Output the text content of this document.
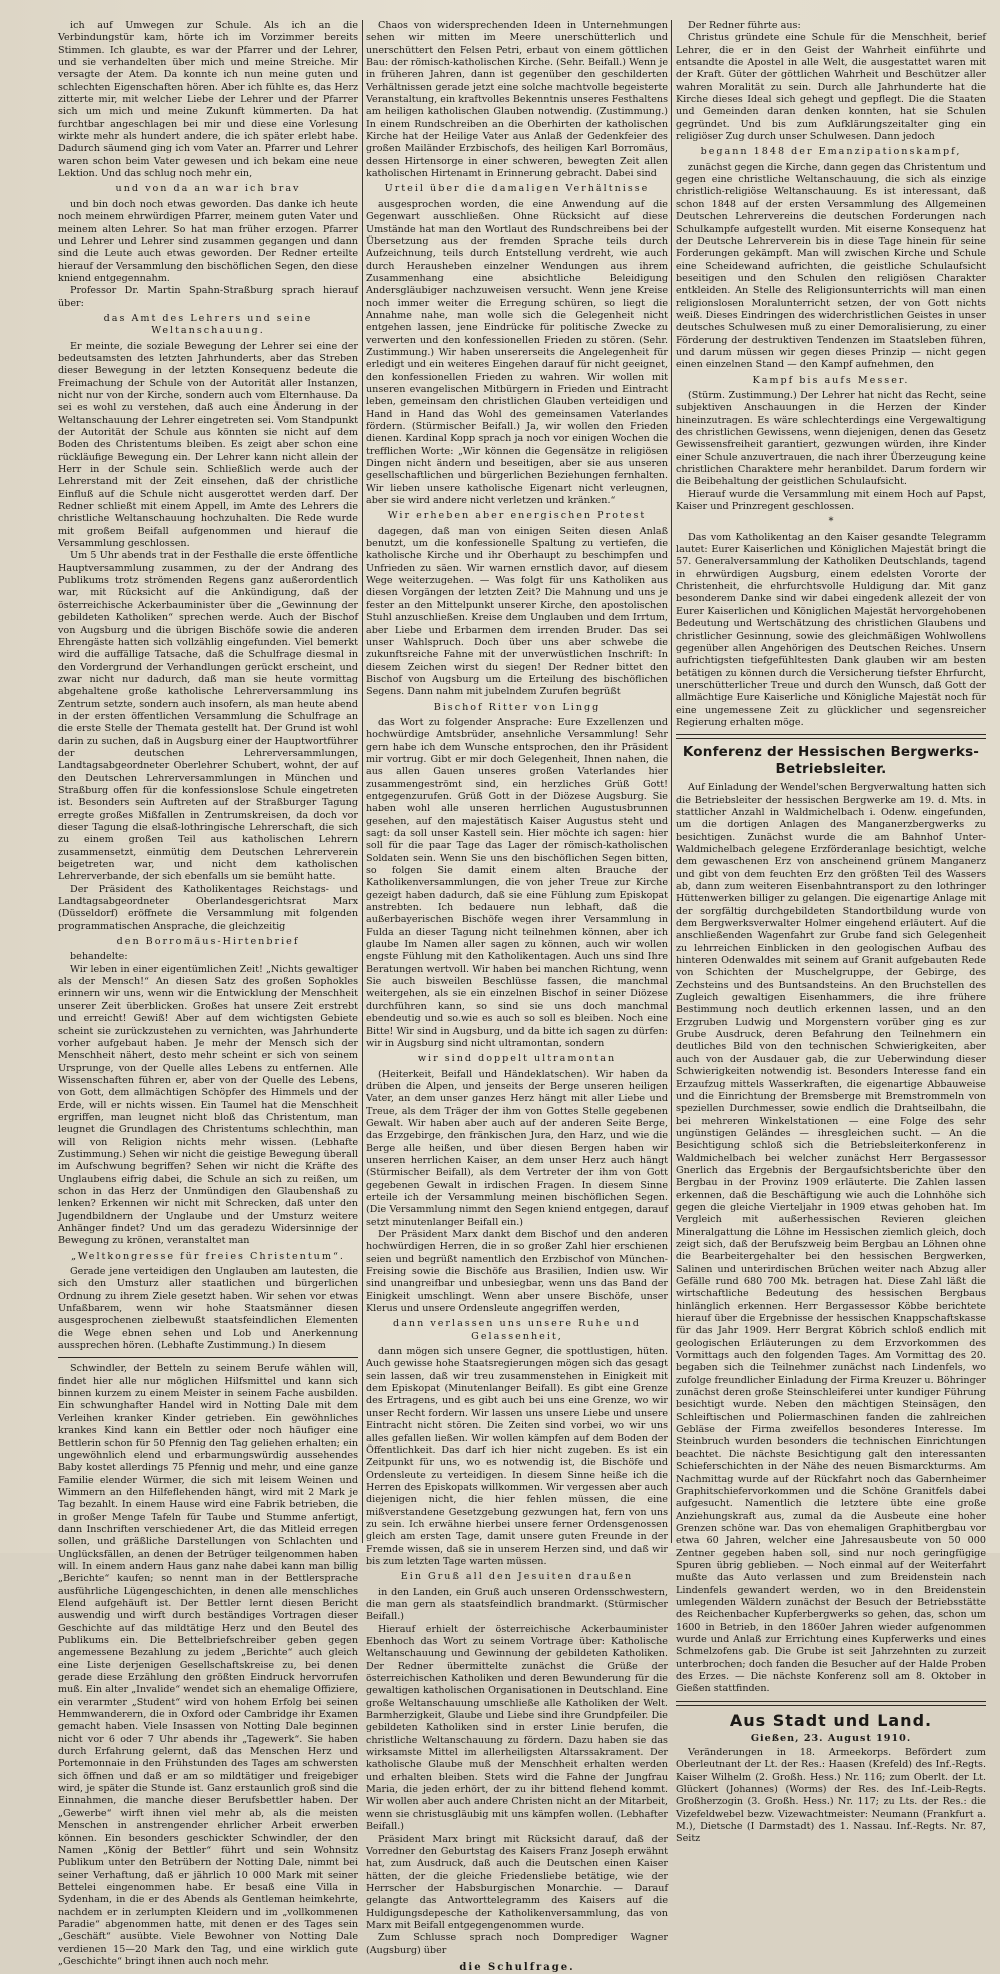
ich auf Umwegen zur Schule. Als ich an die Verbindungstür kam, hörte ich im Vorzimmer bereits Stimmen. Ich glaubte, es war der Pfarrer und der Lehrer, und sie verhandelten über mich und meine Streiche. Mir versagte der Atem. Da konnte ich nun meine guten und schlechten Eigenschaften hören. Aber ich fühlte es, das Herz zitterte mir, mit welcher Liebe der Lehrer und der Pfarrer sich um mich und meine Zukunft kümmerten. Da hat furchtbar angeschlagen bei mir und diese eine Vorlesung wirkte mehr als hundert andere, die ich später erlebt habe. Dadurch säumend ging ich vom Vater an. Pfarrer und Lehrer waren schon beim Vater gewesen und ich bekam eine neue Lektion. Und das schlug noch mehr ein,

und von da an war ich brav

und bin doch noch etwas geworden. Das danke ich heute noch meinem ehrwürdigen Pfarrer, meinem guten Vater und meinem alten Lehrer. So hat man früher erzogen. Pfarrer und Lehrer und Lehrer sind zusammen gegangen und dann sind die Leute auch etwas geworden. Der Redner erteilte hierauf der Versammlung den bischöflichen Segen, den diese kniend entgegennahm.

Professor Dr. Martin Spahn-Straßburg sprach hierauf über:

das Amt des Lehrers und seine Weltanschauung.

Er meinte, die soziale Bewegung der Lehrer sei eine der bedeutsamsten des letzten Jahrhunderts, aber das Streben dieser Bewegung in der letzten Konsequenz bedeute die Freimachung der Schule von der Autorität aller Instanzen, nicht nur von der Kirche, sondern auch vom Elternhause. Da sei es wohl zu verstehen, daß auch eine Änderung in der Weltanschauung der Lehrer eingetreten sei. Vom Standpunkt der Autorität der Schule aus könnten sie nicht auf dem Boden des Christentums bleiben. Es zeigt aber schon eine rückläufige Bewegung ein. Der Lehrer kann nicht allein der Herr in der Schule sein. Schließlich werde auch der Lehrerstand mit der Zeit einsehen, daß der christliche Einfluß auf die Schule nicht ausgerottet werden darf. Der Redner schließt mit einem Appell, im Amte des Lehrers die christliche Weltanschauung hochzuhalten. Die Rede wurde mit großem Beifall aufgenommen und hierauf die Versammlung geschlossen.

Um 5 Uhr abends trat in der Festhalle die erste öffentliche Hauptversammlung zusammen, zu der der Andrang des Publikums trotz strömenden Regens ganz außerordentlich war, mit Rücksicht auf die Ankündigung, daß der österreichische Ackerbauminister über die „Gewinnung der gebildeten Katholiken“ sprechen werde. Auch der Bischof von Augsburg und die übrigen Bischöfe sowie die anderen Ehrengäste hatten sich vollzählig eingefunden. Viel bemerkt wird die auffällige Tatsache, daß die Schulfrage diesmal in den Vordergrund der Verhandlungen gerückt erscheint, und zwar nicht nur dadurch, daß man sie heute vormittag abgehaltene große katholische Lehrerversammlung ins Zentrum setzte, sondern auch insofern, als man heute abend in der ersten öffentlichen Versammlung die Schulfrage an die erste Stelle der Themata gestellt hat. Der Grund ist wohl darin zu suchen, daß in Augsburg einer der Hauptwortführer der deutschen Lehrerversammlungen, Landtagsabgeordneter Oberlehrer Schubert, wohnt, der auf den Deutschen Lehrerversammlungen in München und Straßburg offen für die konfessionslose Schule eingetreten ist. Besonders sein Auftreten auf der Straßburger Tagung erregte großes Mißfallen in Zentrumskreisen, da doch vor dieser Tagung die elsaß-lothringische Lehrerschaft, die sich zu einem großen Teil aus katholischen Lehrern zusammensetzt, einmütig dem Deutschen Lehrerverein beigetreten war, und nicht dem katholischen Lehrerverbande, der sich ebenfalls um sie bemüht hatte.

Der Präsident des Katholikentages Reichstags- und Landtagsabgeordneter Oberlandesgerichtsrat Marx (Düsseldorf) eröffnete die Versammlung mit folgenden programmatischen Ansprache, die gleichzeitig

den Borromäus-Hirtenbrief

behandelte:

Wir leben in einer eigentümlichen Zeit! „Nichts gewaltiger als der Mensch!“ An diesen Satz des großen Sophokles erinnern wir uns, wenn wir die Entwicklung der Menschheit unserer Zeit überblicken. Großes hat unsere Zeit erstrebt und erreicht! Gewiß! Aber auf dem wichtigsten Gebiete scheint sie zurückzustehen zu vernichten, was Jahrhunderte vorher aufgebaut haben. Je mehr der Mensch sich der Menschheit nähert, desto mehr scheint er sich von seinem Ursprunge, von der Quelle alles Lebens zu entfernen. Alle Wissenschaften führen er, aber von der Quelle des Lebens, von Gott, dem allmächtigen Schöpfer des Himmels und der Erde, will er nichts wissen. Ein Taumel hat die Menschheit ergriffen, man leugnet nicht bloß das Christentum, man leugnet die Grundlagen des Christentums schlechthin, man will von Religion nichts mehr wissen. (Lebhafte Zustimmung.) Sehen wir nicht die geistige Bewegung überall im Aufschwung begriffen? Sehen wir nicht die Kräfte des Unglaubens eifrig dabei, die Schule an sich zu reißen, um schon in das Herz der Unmündigen den Glaubenshaß zu lenken? Erkennen wir nicht mit Schrecken, daß unter den Jugendbildnern der Unglaube und der Umsturz weitere Anhänger findet? Und um das geradezu Widersinnige der Bewegung zu krönen, veranstaltet man

„Weltkongresse für freies Christentum“.

Gerade jene verteidigen den Unglauben am lautesten, die sich den Umsturz aller staatlichen und bürgerlichen Ordnung zu ihrem Ziele gesetzt haben. Wir sehen vor etwas Unfaßbarem, wenn wir hohe Staatsmänner diesen ausgesprochenen zielbewußt staatsfeindlichen Elementen die Wege ebnen sehen und Lob und Anerkennung aussprechen hören. (Lebhafte Zustimmung.) In diesem

Schwindler, der Betteln zu seinem Berufe wählen will, findet hier alle nur möglichen Hilfsmittel und kann sich binnen kurzem zu einem Meister in seinem Fache ausbilden. Ein schwunghafter Handel wird in Notting Dale mit dem Verleihen kranker Kinder getrieben. Ein gewöhnliches krankes Kind kann ein Bettler oder noch häufiger eine Bettlerin schon für 50 Pfennig den Tag geliehen erhalten; ein ungewöhnlich elend und erbarmungswürdig aussehendes Baby kostet allerdings 75 Pfennig und mehr, und eine ganze Familie elender Würmer, die sich mit leisem Weinen und Wimmern an den Hilfeflehenden hängt, wird mit 2 Mark je Tag bezahlt. In einem Hause wird eine Fabrik betrieben, die in großer Menge Tafeln für Taube und Stumme anfertigt, dann Inschriften verschiedener Art, die das Mitleid erregen sollen, und gräßliche Darstellungen von Schlachten und Unglücksfällen, an denen der Betrüger teilgenommen haben will. In einem andern Haus ganz nahe dabei kann man billig „Berichte“ kaufen; so nennt man in der Bettlersprache ausführliche Lügengeschichten, in denen alle menschliches Elend aufgehäuft ist. Der Bettler lernt diesen Bericht auswendig und wirft durch beständiges Vortragen dieser Geschichte auf das mildtätige Herz und den Beutel des Publikums ein. Die Bettelbriefschreiber geben gegen angemessene Bezahlung zu jedem „Berichte“ auch gleich eine Liste derjenigen Gesellschaftskreise zu, bei denen gerade diese Erzählung den größten Eindruck hervorrufen muß. Ein alter „Invalide“ wendet sich an ehemalige Offiziere, ein verarmter „Student“ wird von hohem Erfolg bei seinen Hemmwanderern, die in Oxford oder Cambridge ihr Examen gemacht haben. Viele Insassen von Notting Dale beginnen nicht vor 6 oder 7 Uhr abends ihr „Tagewerk“. Sie haben durch Erfahrung gelernt, daß das Menschen Herz und Portemonnaie in den Frühstunden des Tages am schwersten sich öffnen und daß er am so mildtätiger und freigebiger wird, je später die Stunde ist. Ganz erstaunlich groß sind die Einnahmen, die manche dieser Berufsbettler haben. Der „Gewerbe“ wirft ihnen viel mehr ab, als die meisten Menschen in anstrengender ehrlicher Arbeit erwerben können. Ein besonders geschickter Schwindler, der den Namen „König der Bettler“ führt und sein Wohnsitz Publikum unter den Betrübern der Notting Dale, nimmt bei seiner Verhaftung, daß er jährlich 10 000 Mark mit seiner Bettelei eingenommen habe. Er besaß eine Villa in Sydenham, in die er des Abends als Gentleman heimkehrte, nachdem er in zerlumpten Kleidern und im „vollkommenen Paradie“ abgenommen hatte, mit denen er des Tages sein „Geschäft“ ausübte. Viele Bewohner von Notting Dale verdienen 15—20 Mark den Tag, und eine wirklich gute „Geschichte“ bringt ihnen auch noch mehr.

Chaos von widersprechenden Ideen in Unternehmungen sehen wir mitten im Meere unerschütterlich und unerschüttert den Felsen Petri, erbaut von einem göttlichen Bau: der römisch-katholischen Kirche. (Sehr. Beifall.) Wenn je in früheren Jahren, dann ist gegenüber den geschilderten Verhältnissen gerade jetzt eine solche machtvolle begeisterte Veranstaltung, ein kraftvolles Bekenntnis unseres Festhaltens am heiligen katholischen Glauben notwendig. (Zustimmung.) In einem Rundschreiben an die Oberhirten der katholischen Kirche hat der Heilige Vater aus Anlaß der Gedenkfeier des großen Mailänder Erzbischofs, des heiligen Karl Borromäus, dessen Hirtensorge in einer schweren, bewegten Zeit allen katholischen Hirtenamt in Erinnerung gebracht. Dabei sind

Urteil über die damaligen Verhältnisse

ausgesprochen worden, die eine Anwendung auf die Gegenwart ausschließen. Ohne Rücksicht auf diese Umstände hat man den Wortlaut des Rundschreibens bei der Übersetzung aus der fremden Sprache teils durch Aufzeichnung, teils durch Entstellung verdreht, wie auch durch Herausheben einzelner Wendungen aus ihrem Zusammenhang eine absichtliche Beleidigung Andersgläubiger nachzuweisen versucht. Wenn jene Kreise noch immer weiter die Erregung schüren, so liegt die Annahme nahe, man wolle sich die Gelegenheit nicht entgehen lassen, jene Eindrücke für politische Zwecke zu verwerten und den konfessionellen Frieden zu stören. (Sehr. Zustimmung.) Wir haben unsererseits die Angelegenheit für erledigt und ein weiteres Eingehen darauf für nicht geeignet, den konfessionellen Frieden zu wahren. Wir wollen mit unseren evangelischen Mitbürgern in Frieden und Eintracht leben, gemeinsam den christlichen Glauben verteidigen und Hand in Hand das Wohl des gemeinsamen Vaterlandes fördern. (Stürmischer Beifall.) Ja, wir wollen den Frieden dienen. Kardinal Kopp sprach ja noch vor einigen Wochen die trefflichen Worte: „Wir können die Gegensätze in religiösen Dingen nicht ändern und beseitigen, aber sie aus unseren gesellschaftlichen und bürgerlichen Beziehungen fernhalten. Wir lieben unsere katholische Eigenart nicht verleugnen, aber sie wird andere nicht verletzen und kränken.“

Wir erheben aber energischen Protest

dagegen, daß man von einigen Seiten diesen Anlaß benutzt, um die konfessionelle Spaltung zu vertiefen, die katholische Kirche und ihr Oberhaupt zu beschimpfen und Unfrieden zu säen. Wir warnen ernstlich davor, auf diesem Wege weiterzugehen. — Was folgt für uns Katholiken aus diesen Vorgängen der letzten Zeit? Die Mahnung und uns je fester an den Mittelpunkt unserer Kirche, den apostolischen Stuhl anzuschließen. Kreise dem Unglauben und dem Irrtum, aber Liebe und Erbarmen dem irrenden Bruder. Das sei unser Wahlspruch. Doch über uns aber schwebe die zukunftsreiche Fahne mit der unverwüstlichen Inschrift: In diesem Zeichen wirst du siegen! Der Redner bittet den Bischof von Augsburg um die Erteilung des bischöflichen Segens. Dann nahm mit jubelndem Zurufen begrüßt

Bischof Ritter von Lingg

das Wort zu folgender Ansprache: Eure Exzellenzen und hochwürdige Amtsbrüder, ansehnliche Versammlung! Sehr gern habe ich dem Wunsche entsprochen, den ihr Präsident mir vortrug. Gibt er mir doch Gelegenheit, Ihnen nahen, die aus allen Gauen unseres großen Vaterlandes hier zusammengeströmt sind, ein herzliches Grüß Gott! entgegenzurufen. Grüß Gott in der Diözese Augsburg. Sie haben wohl alle unseren herrlichen Augustusbrunnen gesehen, auf den majestätisch Kaiser Augustus steht und sagt: da soll unser Kastell sein. Hier möchte ich sagen: hier soll für die paar Tage das Lager der römisch-katholischen Soldaten sein. Wenn Sie uns den bischöflichen Segen bitten, so folgen Sie damit einem alten Brauche der Katholikenversammlungen, die von jeher Treue zur Kirche gezeigt haben dadurch, daß sie eine Fühlung zum Episkopat anstrebten. Ich bedauere nun lebhaft, daß die außerbayerischen Bischöfe wegen ihrer Versammlung in Fulda an dieser Tagung nicht teilnehmen können, aber ich glaube Im Namen aller sagen zu können, auch wir wollen engste Fühlung mit den Katholikentagen. Auch uns sind Ihre Beratungen wertvoll. Wir haben bei manchen Richtung, wenn Sie auch bisweilen Beschlüsse fassen, die manchmal weitergehen, als sie ein einzelnen Bischof in seiner Diözese durchführen kann, so sind sie uns doch manchmal ebendeutig und so.wie es auch so soll es bleiben. Noch eine Bitte! Wir sind in Augsburg, und da bitte ich sagen zu dürfen: wir in Augsburg sind nicht ultramontan, sondern

wir sind doppelt ultramontan

(Heiterkeit, Beifall und Händeklatschen). Wir haben da drüben die Alpen, und jenseits der Berge unseren heiligen Vater, an dem unser ganzes Herz hängt mit aller Liebe und Treue, als dem Träger der ihm von Gottes Stelle gegebenen Gewalt. Wir haben aber auch auf der anderen Seite Berge, das Erzgebirge, den fränkischen Jura, den Harz, und wie die Berge alle heißen, und über diesen Bergen haben wir unseren herrlichen Kaiser, an dem unser Herz auch hängt (Stürmischer Beifall), als dem Vertreter der ihm von Gott gegebenen Gewalt in irdischen Fragen. In diesem Sinne erteile ich der Versammlung meinen bischöflichen Segen. (Die Versammlung nimmt den Segen kniend entgegen, darauf setzt minutenlanger Beifall ein.)

Der Präsident Marx dankt dem Bischof und den anderen hochwürdigen Herren, die in so großer Zahl hier erschienen seien und begrüßt namentlich den Erzbischof von München-Freising sowie die Bischöfe aus Brasilien, Indien usw. Wir sind unangreifbar und unbesiegbar, wenn uns das Band der Einigkeit umschlingt. Wenn aber unsere Bischöfe, unser Klerus und unsere Ordensleute angegriffen werden,

dann verlassen uns unsere Ruhe und Gelassenheit,

dann mögen sich unsere Gegner, die spottlustigen, hüten. Auch gewisse hohe Staatsregierungen mögen sich das gesagt sein lassen, daß wir treu zusammenstehen in Einigkeit mit dem Episkopat (Minutenlanger Beifall). Es gibt eine Grenze des Ertragens, und es gibt auch bei uns eine Grenze, wo wir unser Recht fordern. Wir lassen uns unsere Liebe und unsere Eintracht nicht stören. Die Zeiten sind vorbei, wo wir uns alles gefallen ließen. Wir wollen kämpfen auf dem Boden der Öffentlichkeit. Das darf ich hier nicht zugeben. Es ist ein Zeitpunkt für uns, wo es notwendig ist, die Bischöfe und Ordensleute zu verteidigen. In diesem Sinne heiße ich die Herren des Episkopats willkommen. Wir vergessen aber auch diejenigen nicht, die hier fehlen müssen, die eine mißverstandene Gesetzgebung gezwungen hat, fern von uns zu sein. Ich erwähne hierbei unsere ferner Ordensgenossen gleich am ersten Tage, damit unsere guten Freunde in der Fremde wissen, daß sie in unserem Herzen sind, und daß wir bis zum letzten Tage warten müssen.

Ein Gruß all den Jesuiten draußen

in den Landen, ein Gruß auch unseren Ordensschwestern, die man gern als staatsfeindlich brandmarkt. (Stürmischer Beifall.)

Hierauf erhielt der österreichische Ackerbauminister Ebenhoch das Wort zu seinem Vortrage über: Katholische Weltanschauung und Gewinnung der gebildeten Katholiken. Der Redner übermittelte zunächst die Grüße der österreichischen Katholiken und deren Bewunderung für die gewaltigen katholischen Organisationen in Deutschland. Eine große Weltanschauung umschließe alle Katholiken der Welt. Barmherzigkeit, Glaube und Liebe sind ihre Grundpfeiler. Die gebildeten Katholiken sind in erster Linie berufen, die christliche Weltanschauung zu fördern. Dazu haben sie das wirksamste Mittel im allerheiligsten Altarssakrament. Der katholische Glaube muß der Menschheit erhalten werden und erhalten bleiben. Stets wird die Fahne der Jungfrau Maria, die jeden erhört, der zu ihr bittend flehend kommt. Wir wollen aber auch andere Christen nicht an der Mitarbeit, wenn sie christusgläubig mit uns kämpfen wollen. (Lebhafter Beifall.)

Präsident Marx bringt mit Rücksicht darauf, daß der Vorredner den Geburtstag des Kaisers Franz Joseph erwähnt hat, zum Ausdruck, daß auch die Deutschen einen Kaiser hätten, der die gleiche Friedensliebe betätige, wie der Herrscher der Habsburgischen Monarchie. — Darauf gelangte das Antworttelegramm des Kaisers auf die Huldigungsdepesche der Katholikenversammlung, das von Marx mit Beifall entgegengenommen wurde.

Zum Schlusse sprach noch Domprediger Wagner (Augsburg) über

die Schulfrage.

Der Redner führte aus:

Christus gründete eine Schule für die Menschheit, berief Lehrer, die er in den Geist der Wahrheit einführte und entsandte die Apostel in alle Welt, die ausgestattet waren mit der Kraft. Güter der göttlichen Wahrheit und Beschützer aller wahren Moralität zu sein. Durch alle Jahrhunderte hat die Kirche dieses Ideal sich gehegt und gepflegt. Die die Staaten und Gemeinden daran denken konnten, hat sie Schulen gegründet. Und bis zum Aufklärungszeitalter ging ein religiöser Zug durch unser Schulwesen. Dann jedoch

begann 1848 der Emanzipationskampf,

zunächst gegen die Kirche, dann gegen das Christentum und gegen eine christliche Weltanschauung, die sich als einzige christlich-religiöse Weltanschauung. Es ist interessant, daß schon 1848 auf der ersten Versammlung des Allgemeinen Deutschen Lehrervereins die deutschen Forderungen nach Schulkampfe aufgestellt wurden. Mit eiserne Konsequenz hat der Deutsche Lehrerverein bis in diese Tage hinein für seine Forderungen gekämpft. Man will zwischen Kirche und Schule eine Scheidewand aufrichten, die geistliche Schulaufsicht beseitigen und den Schulen den religiösen Charakter entkleiden. An Stelle des Religionsunterrichts will man einen religionslosen Moralunterricht setzen, der von Gott nichts weiß. Dieses Eindringen des widerchristlichen Geistes in unser deutsches Schulwesen muß zu einer Demoralisierung, zu einer Förderung der destruktiven Tendenzen im Staatsleben führen, und darum müssen wir gegen dieses Prinzip — nicht gegen einen einzelnen Stand — den Kampf aufnehmen, den

Kampf bis aufs Messer.

(Stürm. Zustimmung.) Der Lehrer hat nicht das Recht, seine subjektiven Anschauungen in die Herzen der Kinder hineinzutragen. Es wäre schlechterdings eine Vergewaltigung des christlichen Gewissens, wenn diejenigen, denen das Gesetz Gewissensfreiheit garantiert, gezwungen würden, ihre Kinder einer Schule anzuvertrauen, die nach ihrer Überzeugung keine christlichen Charaktere mehr heranbildet. Darum fordern wir die Beibehaltung der geistlichen Schulaufsicht.

Hierauf wurde die Versammlung mit einem Hoch auf Papst, Kaiser und Prinzregent geschlossen.

*

Das vom Katholikentag an den Kaiser gesandte Telegramm lautet: Eurer Kaiserlichen und Königlichen Majestät bringt die 57. Generalversammlung der Katholiken Deutschlands, tagend in ehrwürdigen Augsburg, einem edelsten Vororte der Christenheit, die ehrfurchtsvolle Huldigung dar. Mit ganz besonderem Danke sind wir dabei eingedenk allezeit der von Eurer Kaiserlichen und Königlichen Majestät hervorgehobenen Bedeutung und Wertschätzung des christlichen Glaubens und christlicher Gesinnung, sowie des gleichmäßigen Wohlwollens gegenüber allen Angehörigen des Deutschen Reiches. Unsern aufrichtigsten tiefgefühltesten Dank glauben wir am besten betätigen zu können durch die Versicherung tiefster Ehrfurcht, unerschütterlicher Treue und durch den Wunsch, daß Gott der allmächtige Eure Kaiserliche und Königliche Majestät noch für eine ungemessene Zeit zu glücklicher und segensreicher Regierung erhalten möge.

Konferenz der Hessischen Bergwerks-Betriebsleiter.

Auf Einladung der Wendel'schen Bergverwaltung hatten sich die Betriebsleiter der hessischen Bergwerke am 19. d. Mts. in stattlicher Anzahl in Waldmichelbach i. Odenw. eingefunden, um die dortigen Anlagen des Manganerzbergwerks zu besichtigen. Zunächst wurde die am Bahnhof Unter-Waldmichelbach gelegene Erzförderanlage besichtigt, welche dem gewaschenen Erz von anscheinend grünem Manganerz und gibt von dem feuchten Erz den größten Teil des Wassers ab, dann zum weiteren Eisenbahntransport zu den lothringer Hüttenwerken billiger zu gelangen. Die eigenartige Anlage mit der sorgfältig durchgebildeten Standortbildung wurde von dem Bergwerksverwalter Holmer eingehend erläutert. Auf die anschließenden Wagenfahrt zur Grube fand sich Gelegenheit zu lehrreichen Einblicken in den geologischen Aufbau des hinteren Odenwaldes mit seinem auf Granit aufgebauten Rede von Schichten der Muschelgruppe, der Gebirge, des Zechsteins und des Buntsandsteins. An den Bruchstellen des Zugleich gewaltigen Eisenhammers, die ihre frühere Bestimmung noch deutlich erkennen lassen, und an den Erzgruben Ludwig und Morgenstern vorüber ging es zur Grube Ausdruck, deren Befahrung den Teilnehmern ein deutliches Bild von den technischen Schwierigkeiten, aber auch von der Ausdauer gab, die zur Ueberwindung dieser Schwierigkeiten notwendig ist. Besonders Interesse fand ein Erzaufzug mittels Wasserkraften, die eigenartige Abbauweise und die Einrichtung der Bremsberge mit Bremstrommeln von speziellen Durchmesser, sowie endlich die Drahtseilbahn, die bei mehreren Winkelstationen — eine Folge des sehr ungünstigen Geländes — ihresgleichen sucht. — An die Besichtigung schloß sich die Betriebsleiterkonferenz in Waldmichelbach bei welcher zunächst Herr Bergassessor Gnerlich das Ergebnis der Bergaufsichtsberichte über den Bergbau in der Provinz 1909 erläuterte. Die Zahlen lassen erkennen, daß die Beschäftigung wie auch die Lohnhöhe sich gegen die gleiche Vierteljahr in 1909 etwas gehoben hat. Im Vergleich mit außerhessischen Revieren gleichen Mineralgattung die Löhne im Hessischen ziemlich gleich, doch zeigt sich, daß der Berufszweig beim Bergbau an Löhnen ohne die Bearbeitergehalter bei den hessischen Bergwerken, Salinen und unterirdischen Brüchen weiter nach Abzug aller Gefälle rund 680 700 Mk. betragen hat. Diese Zahl läßt die wirtschaftliche Bedeutung des hessischen Bergbaus hinlänglich erkennen. Herr Bergassessor Köbbe berichtete hierauf über die Ergebnisse der hessischen Knappschaftskasse für das Jahr 1909. Herr Bergrat Köbrich schloß endlich mit geologischen Erläuterungen zu dem Erzvorkommen des Vormittags auch den folgenden Tages. Am Vormittag des 20. begaben sich die Teilnehmer zunächst nach Lindenfels, wo zufolge freundlicher Einladung der Firma Kreuzer u. Böhringer zunächst deren große Steinschleiferei unter kundiger Führung besichtigt wurde. Neben den mächtigen Steinsägen, den Schleiftischen und Poliermaschinen fanden die zahlreichen Gebläse der Firma zweifellos besonderes Interesse. Im Steinbruch wurden besonders die technischen Einrichtungen beachtet. Die nächste Besichtigung galt den interessanten Schieferschichten in der Nähe des neuen Bismarckturms. Am Nachmittag wurde auf der Rückfahrt noch das Gabernheimer Graphitschiefervorkommen und die Schöne Granitfels dabei aufgesucht. Namentlich die letztere übte eine große Anziehungskraft aus, zumal da die Ausbeute eine hoher Grenzen schöne war. Das von ehemaligen Graphitbergbau vor etwa 60 Jahren, welcher eine Jahresausbeute von 50 000 Zentner gegeben haben soll, sind nur noch geringfügige Spuren übrig geblieben. — Noch einmal auf der Weiterfahrt mußte das Auto verlassen und zum Breidenstein nach Lindenfels gewandert werden, wo in den Breidenstein umlegenden Wäldern zunächst der Besuch der Betriebsstätte des Reichenbacher Kupferbergwerks so gehen, das, schon um 1600 in Betrieb, in den 1860er Jahren wieder aufgenommen wurde und Anlaß zur Errichtung eines Kupferwerks und eines Schmelzofens gab. Die Grube ist seit Jahrzehnten zu zurzeit unterbrochen; doch fanden die Besucher auf der Halde Proben des Erzes. — Die nächste Konferenz soll am 8. Oktober in Gießen stattfinden.

Aus Stadt und Land.

Gießen, 23. August 1910.

Veränderungen in 18. Armeekorps. Befördert zum Oberleutnant der Lt. der Res.: Haasen (Krefeld) des Inf.-Regts. Kaiser Wilhelm (2. Großh. Hess.) Nr. 116; zum Oberlt. der Lt. Glückert (Johannes) (Worms) der Res. des Inf.-Leib-Regts. Großherzogin (3. Großh. Hess.) Nr. 117; zu Lts. der Res.: die Vizefeldwebel bezw. Vizewachtmeister: Neumann (Frankfurt a. M.), Dietsche (I Darmstadt) des 1. Nassau. Inf.-Regts. Nr. 87, Seitz
